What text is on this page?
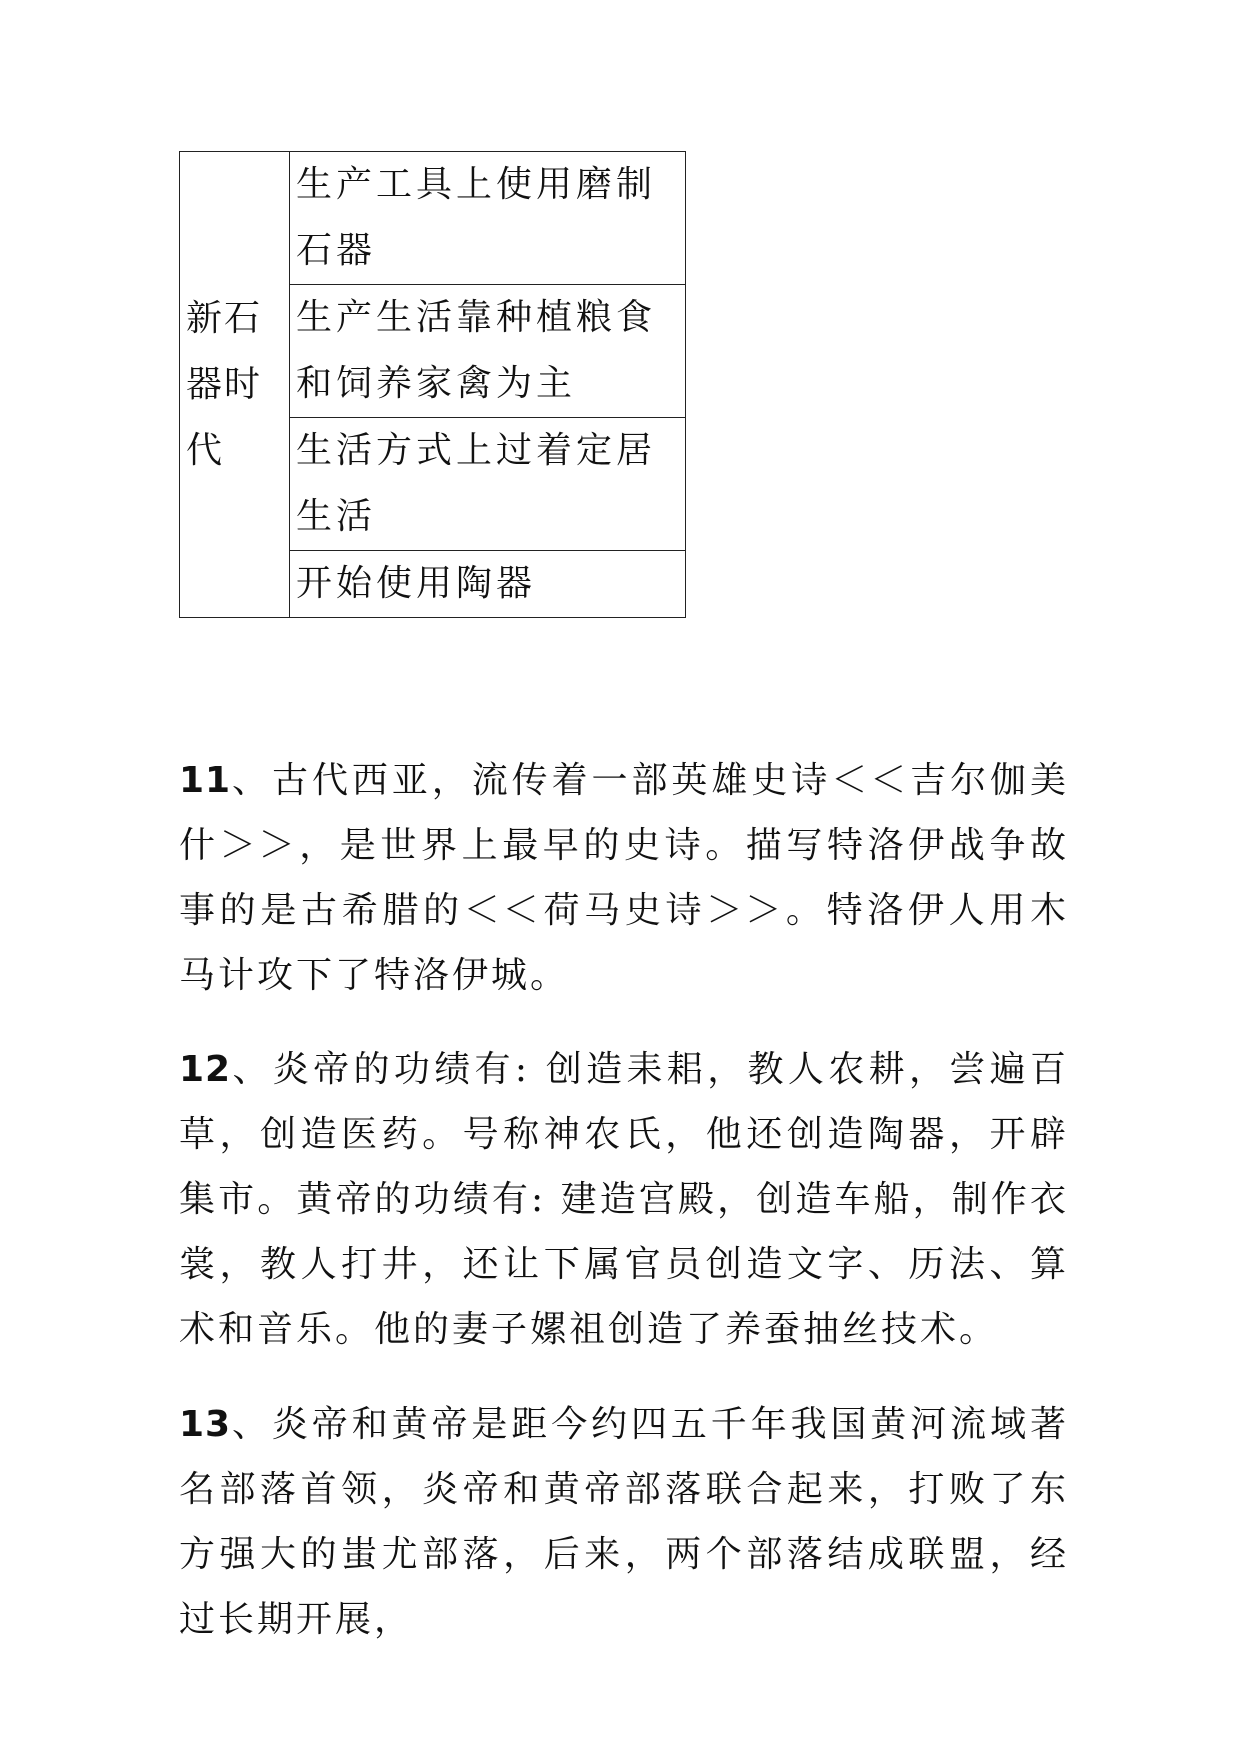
新石器时代	生产工具上使用磨制石器
生产生活靠种植粮食和饲养家禽为主
生活方式上过着定居生活
开始使用陶器

11、古代西亚，流传着一部英雄史诗＜＜吉尔伽美什＞＞，是世界上最早的史诗。描写特洛伊战争故事的是古希腊的＜＜荷马史诗＞＞。特洛伊人用木马计攻下了特洛伊城。

12、炎帝的功绩有: 创造耒耜，教人农耕，尝遍百草，创造医药。号称神农氏，他还创造陶器，开辟集市。黄帝的功绩有: 建造宫殿，创造车船，制作衣裳，教人打井，还让下属官员创造文字、历法、算术和音乐。他的妻子嫘祖创造了养蚕抽丝技术。

13、炎帝和黄帝是距今约四五千年我国黄河流域著名部落首领，炎帝和黄帝部落联合起来，打败了东方强大的蚩尤部落，后来，两个部落结成联盟，经过长期开展，
